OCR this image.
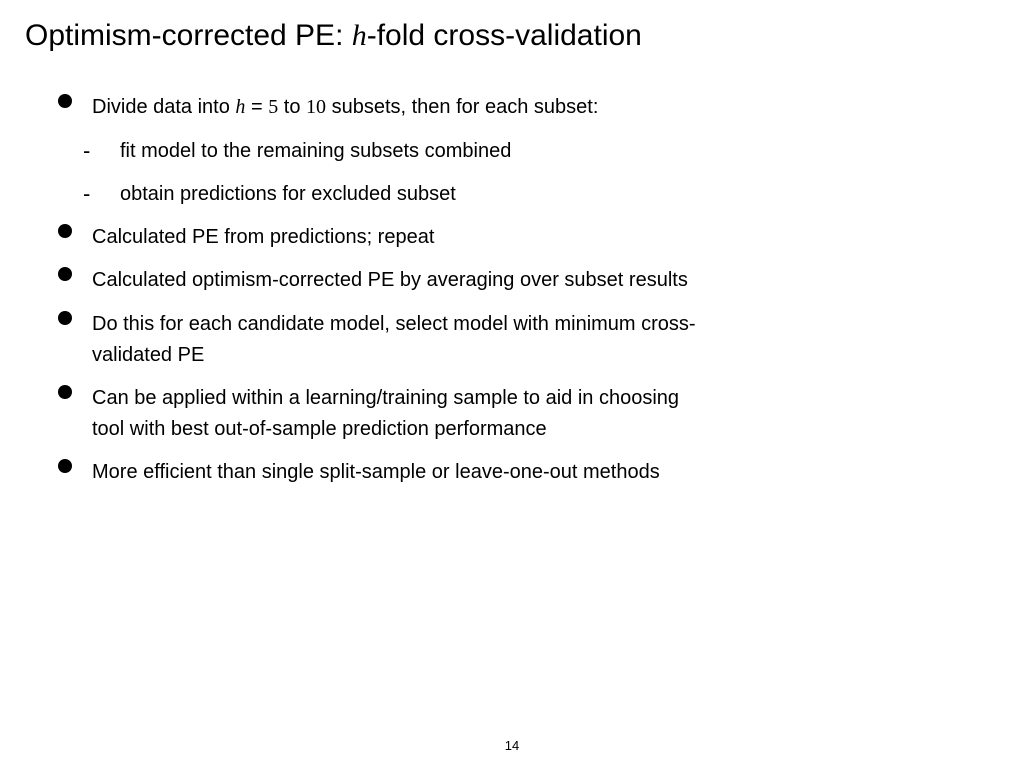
Optimism-corrected PE: h-fold cross-validation
Divide data into h = 5 to 10 subsets, then for each subset:
- fit model to the remaining subsets combined
- obtain predictions for excluded subset
Calculated PE from predictions; repeat
Calculated optimism-corrected PE by averaging over subset results
Do this for each candidate model, select model with minimum cross-
validated PE
Can be applied within a learning/training sample to aid in choosing
tool with best out-of-sample prediction performance
More efficient than single split-sample or leave-one-out methods
14
